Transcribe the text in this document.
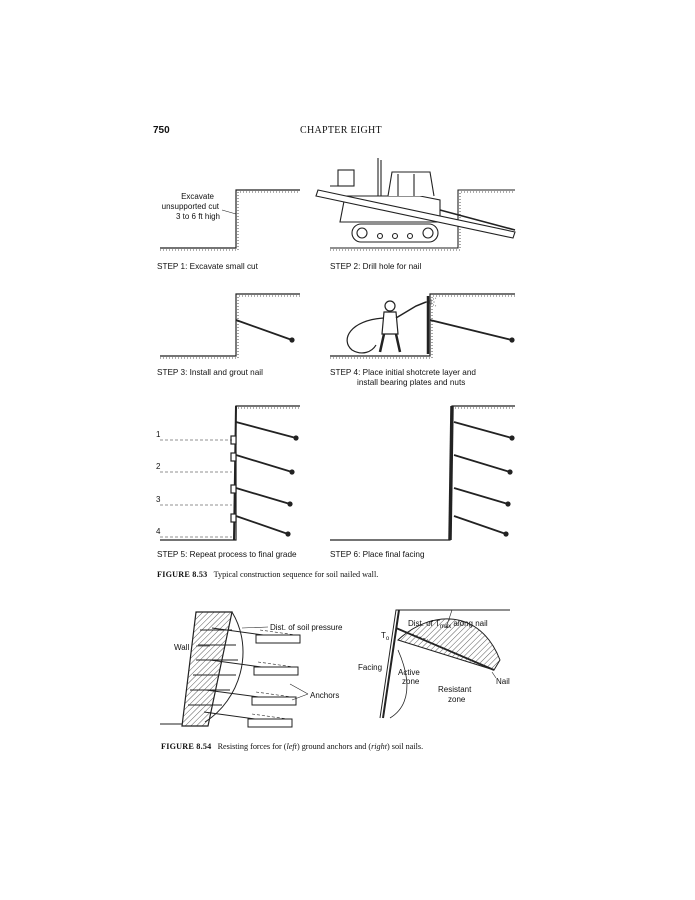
750	CHAPTER EIGHT
Excavate
unsupported cut
3 to 6 ft high
1
2
3
4
Wall
Dist. of soil pressure
Anchors
Dist. of $T_{max}$ along nail
$T_o$
Facing
Active
zone	Nail
Resistant
zone
STEP 1: Excavate small cut	STEP 2: Drill hole for nail
STEP 3: Install and grout nail	STEP 4: Place initial shotcrete layer and
install bearing plates and nuts
STEP 5: Repeat process to final grade	STEP 6: Place final facing
FIGURE 8.53 Typical construction sequence for soil nailed wall.
FIGURE 8.54 Resisting forces for (left) ground anchors and (right) soil nails.
